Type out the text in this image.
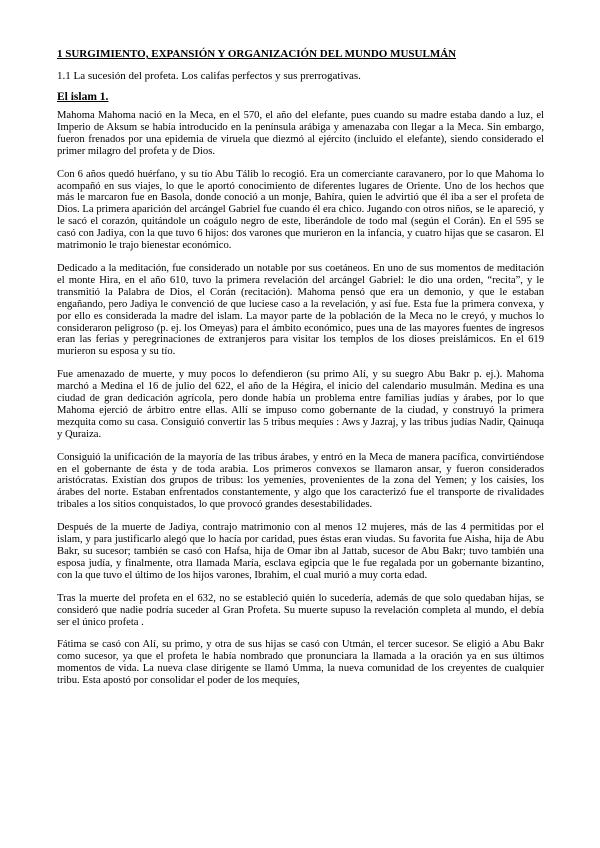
1 SURGIMIENTO, EXPANSIÓN Y ORGANIZACIÓN DEL MUNDO MUSULMÁN
1.1 La sucesión del profeta. Los califas perfectos y sus prerrogativas.
El islam 1.

Mahoma Mahoma nació en la Meca, en el 570, el año del elefante, pues cuando su madre estaba dando a luz, el Imperio de Aksum se había introducido en la península arábiga y amenazaba con llegar a la Meca. Sin embargo, fueron frenados por una epidemia de viruela que diezmó al ejército (incluido el elefante), siendo considerado el primer milagro del profeta y de Dios.

Con 6 años quedó huérfano, y su tío Abu Tálib lo recogió. Era un comerciante caravanero, por lo que Mahoma lo acompañó en sus viajes, lo que le aportó conocimiento de diferentes lugares de Oriente. Uno de los hechos que más le marcaron fue en Basola, donde conoció a un monje, Bahíra, quien le advirtió que él iba a ser el profeta de Dios. La primera aparición del arcángel Gabriel fue cuando él era chico. Jugando con otros niños, se le apareció, y le sacó el corazón, quitándole un coágulo negro de este, liberándole de todo mal (según el Corán). En el 595 se casó con Jadiya, con la que tuvo 6 hijos: dos varones que murieron en la infancia, y cuatro hijas que se casaron. El matrimonio le trajo bienestar económico.

Dedicado a la meditación, fue considerado un notable por sus coetáneos. En uno de sus momentos de meditación el monte Hira, en el año 610, tuvo la primera revelación del arcángel Gabriel: le dio una orden, “recita”, y le transmitió la Palabra de Dios, el Corán (recitación). Mahoma pensó que era un demonio, y que le estaban engañando, pero Jadiya le convenció de que luciese caso a la revelación, y así fue. Esta fue la primera convexa, y por ello es considerada la madre del islam. La mayor parte de la población de la Meca no le creyó, y muchos lo consideraron peligroso (p. ej. los Omeyas) para el ámbito económico, pues una de las mayores fuentes de ingresos eran las ferias y peregrinaciones de extranjeros para visitar los templos de los dioses preislámicos. En el 619 murieron su esposa y su tío.

Fue amenazado de muerte, y muy pocos lo defendieron (su primo Alí, y su suegro Abu Bakr p. ej.). Mahoma marchó a Medina el 16 de julio del 622, el año de la Hégira, el inicio del calendario musulmán. Medina es una ciudad de gran dedicación agrícola, pero donde había un problema entre familias judías y árabes, por lo que Mahoma ejerció de árbitro entre ellas. Allí se impuso como gobernante de la ciudad, y construyó la primera mezquita como su casa. Consiguió convertir las 5 tribus mequíes : Aws y Jazraj, y las tribus judías Nadir, Qainuqa y Quraiza.

Consiguió la unificación de la mayoría de las tribus árabes, y entró en la Meca de manera pacífica, convirtiéndose en el gobernante de ésta y de toda arabia. Los primeros convexos se llamaron ansar, y fueron considerados aristócratas. Existían dos grupos de tribus: los yemeníes, provenientes de la zona del Yemen; y los caisíes, los árabes del norte. Estaban enfrentados constantemente, y algo que los caracterizó fue el transporte de rivalidades tribales a los sitios conquistados, lo que provocó grandes desestabilidades.

Después de la muerte de Jadiya, contrajo matrimonio con al menos 12 mujeres, más de las 4 permitidas por el islam, y para justificarlo alegó que lo hacía por caridad, pues éstas eran viudas. Su favorita fue Aisha, hija de Abu Bakr, su sucesor; también se casó con Hafsa, hija de Omar ibn al Jattab, sucesor de Abu Bakr; tuvo también una esposa judía, y finalmente, otra llamada María, esclava egipcia que le fue regalada por un gobernante bizantino, con la que tuvo el último de los hijos varones, Ibrahim, el cual murió a muy corta edad.

Tras la muerte del profeta en el 632, no se estableció quién lo sucedería, además de que solo quedaban hijas, se consideró que nadie podría suceder al Gran Profeta. Su muerte supuso la revelación completa al mundo, el debía ser el único profeta .

Fátima se casó con Alí, su primo, y otra de sus hijas se casó con Utmán, el tercer sucesor. Se eligió a Abu Bakr como sucesor, ya que el profeta le había nombrado que pronunciara la llamada a la oración ya en sus últimos momentos de vida. La nueva clase dirigente se llamó Umma, la nueva comunidad de los creyentes de cualquier tribu. Esta apostó por consolidar el poder de los mequíes,
